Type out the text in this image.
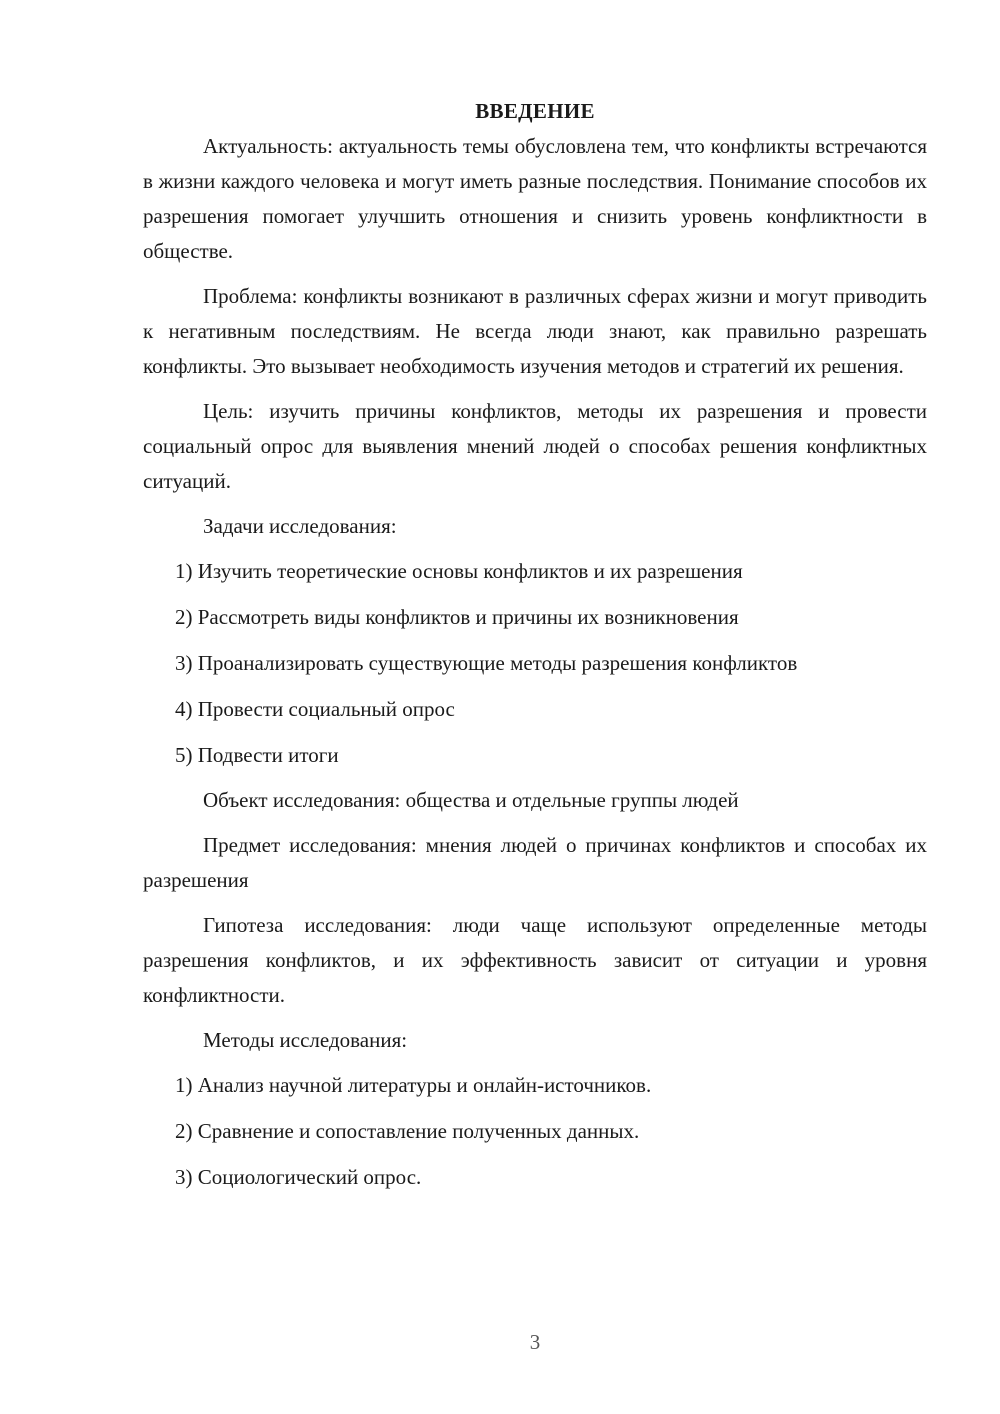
ВВЕДЕНИЕ

Актуальность: актуальность темы обусловлена тем, что конфликты встречаются в жизни каждого человека и могут иметь разные последствия. Понимание способов их разрешения помогает улучшить отношения и снизить уровень конфликтности в обществе.

Проблема: конфликты возникают в различных сферах жизни и могут приводить к негативным последствиям. Не всегда люди знают, как правильно разрешать конфликты. Это вызывает необходимость изучения методов и стратегий их решения.

Цель: изучить причины конфликтов, методы их разрешения и провести социальный опрос для выявления мнений людей о способах решения конфликтных ситуаций.

Задачи исследования:

1) Изучить теоретические основы конфликтов и их разрешения
2) Рассмотреть виды конфликтов и причины их возникновения
3) Проанализировать существующие методы разрешения конфликтов
4) Провести социальный опрос
5) Подвести итоги

Объект исследования: общества и отдельные группы людей

Предмет исследования: мнения людей о причинах конфликтов и способах их разрешения

Гипотеза исследования: люди чаще используют определенные методы разрешения конфликтов, и их эффективность зависит от ситуации и уровня конфликтности.

Методы исследования:

1) Анализ научной литературы и онлайн-источников.
2) Сравнение и сопоставление полученных данных.
3) Социологический опрос.
3
